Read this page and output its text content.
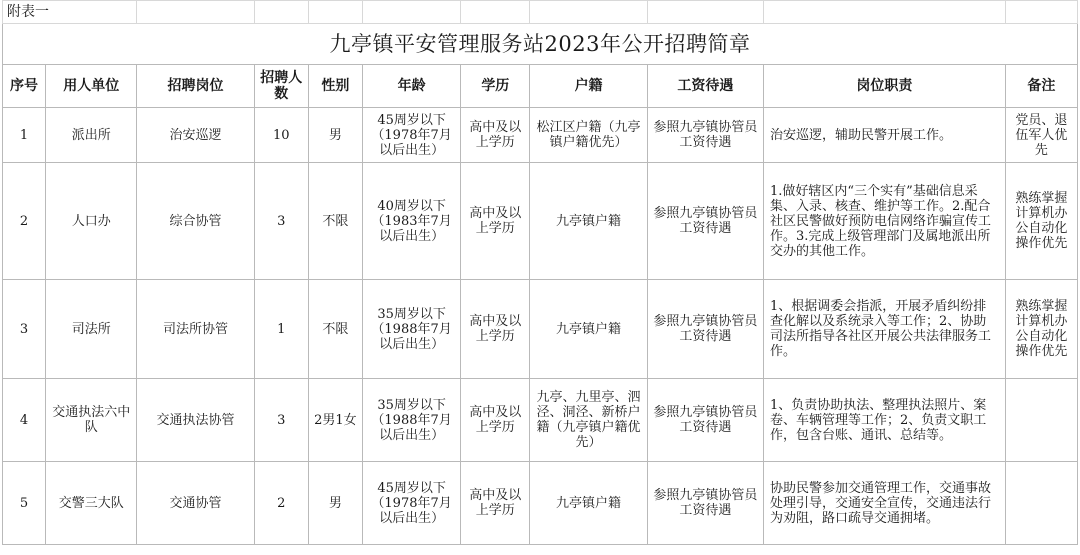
附表一										
九亭镇平安管理服务站2023年公开招聘简章										
序号	用人单位	招聘岗位	招聘人数	性别	年龄	学历	户籍	工资待遇	岗位职责	备注
1	派出所	治安巡逻	10	男	45周岁以下（1978年7月以后出生）	高中及以上学历	松江区户籍（九亭镇户籍优先）	参照九亭镇协管员工资待遇	治安巡逻，辅助民警开展工作。	党员、退伍军人优先
2	人口办	综合协管	3	不限	40周岁以下（1983年7月以后出生）	高中及以上学历	九亭镇户籍	参照九亭镇协管员工资待遇	1.做好辖区内“三个实有”基础信息采集、入录、核查、维护等工作。2.配合社区民警做好预防电信网络诈骗宣传工作。3.完成上级管理部门及属地派出所交办的其他工作。	熟练掌握计算机办公自动化操作优先
3	司法所	司法所协管	1	不限	35周岁以下（1988年7月以后出生）	高中及以上学历	九亭镇户籍	参照九亭镇协管员工资待遇	1、根据调委会指派，开展矛盾纠纷排查化解以及系统录入等工作；2、协助司法所指导各社区开展公共法律服务工作。	熟练掌握计算机办公自动化操作优先
4	交通执法六中队	交通执法协管	3	2男1女	35周岁以下（1988年7月以后出生）	高中及以上学历	九亭、九里亭、泗泾、洞泾、新桥户籍（九亭镇户籍优先）	参照九亭镇协管员工资待遇	1、负责协助执法、整理执法照片、案卷、车辆管理等工作；2、负责文职工作，包含台账、通讯、总结等。	
5	交警三大队	交通协管	2	男	45周岁以下（1978年7月以后出生）	高中及以上学历	九亭镇户籍	参照九亭镇协管员工资待遇	协助民警参加交通管理工作，交通事故处理引导，交通安全宣传，交通违法行为劝阻，路口疏导交通拥堵。	
